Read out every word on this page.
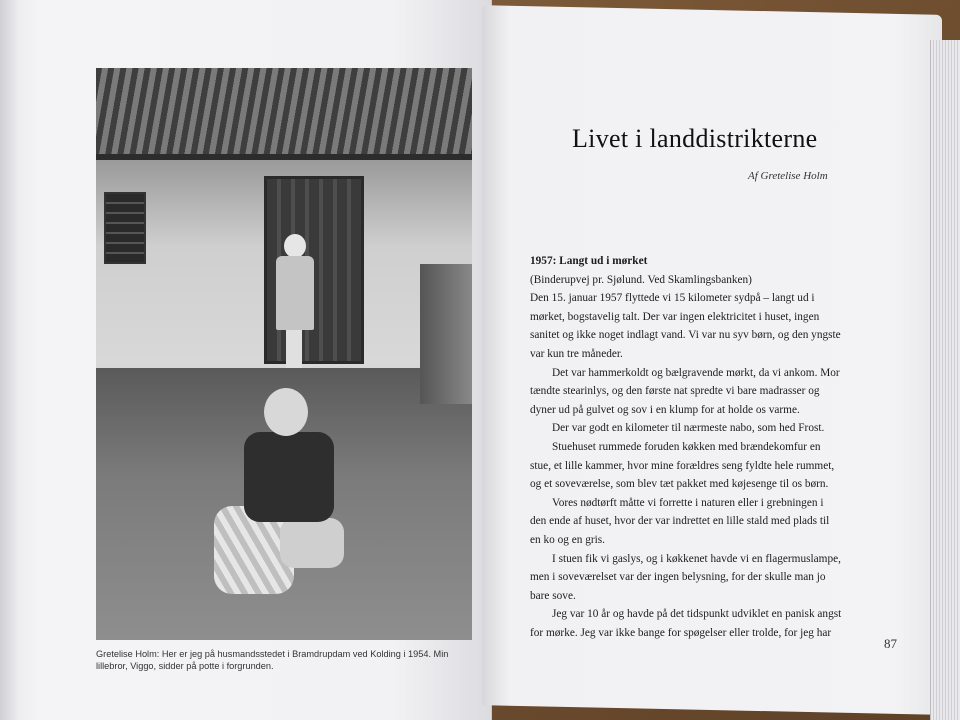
Gretelise Holm: Her er jeg på husmandsstedet i Bramdrupdam ved Kolding i 1954. Min lillebror, Viggo, sidder på potte i forgrunden.
Livet i landdistrikterne
Af Gretelise Holm

1957: Langt ud i mørket

(Binderupvej pr. Sjølund. Ved Skamlingsbanken)

Den 15. januar 1957 flyttede vi 15 kilometer sydpå – langt ud i mørket, bogstavelig talt. Der var ingen elektricitet i huset, ingen sanitet og ikke noget indlagt vand. Vi var nu syv børn, og den yngste var kun tre måneder.

Det var hammerkoldt og bælgravende mørkt, da vi ankom. Mor tændte stearinlys, og den første nat spredte vi bare madrasser og dyner ud på gulvet og sov i en klump for at holde os varme.

Der var godt en kilometer til nærmeste nabo, som hed Frost.

Stuehuset rummede foruden køkken med brændekomfur en stue, et lille kammer, hvor mine forældres seng fyldte hele rummet, og et soveværelse, som blev tæt pakket med køjesenge til os børn.

Vores nødtørft måtte vi forrette i naturen eller i grebningen i den ende af huset, hvor der var indrettet en lille stald med plads til en ko og en gris.

I stuen fik vi gaslys, og i køkkenet havde vi en flagermuslampe, men i soveværelset var der ingen belysning, for der skulle man jo bare sove.

Jeg var 10 år og havde på det tidspunkt udviklet en panisk angst for mørke. Jeg var ikke bange for spøgelser eller trolde, for jeg har

87
